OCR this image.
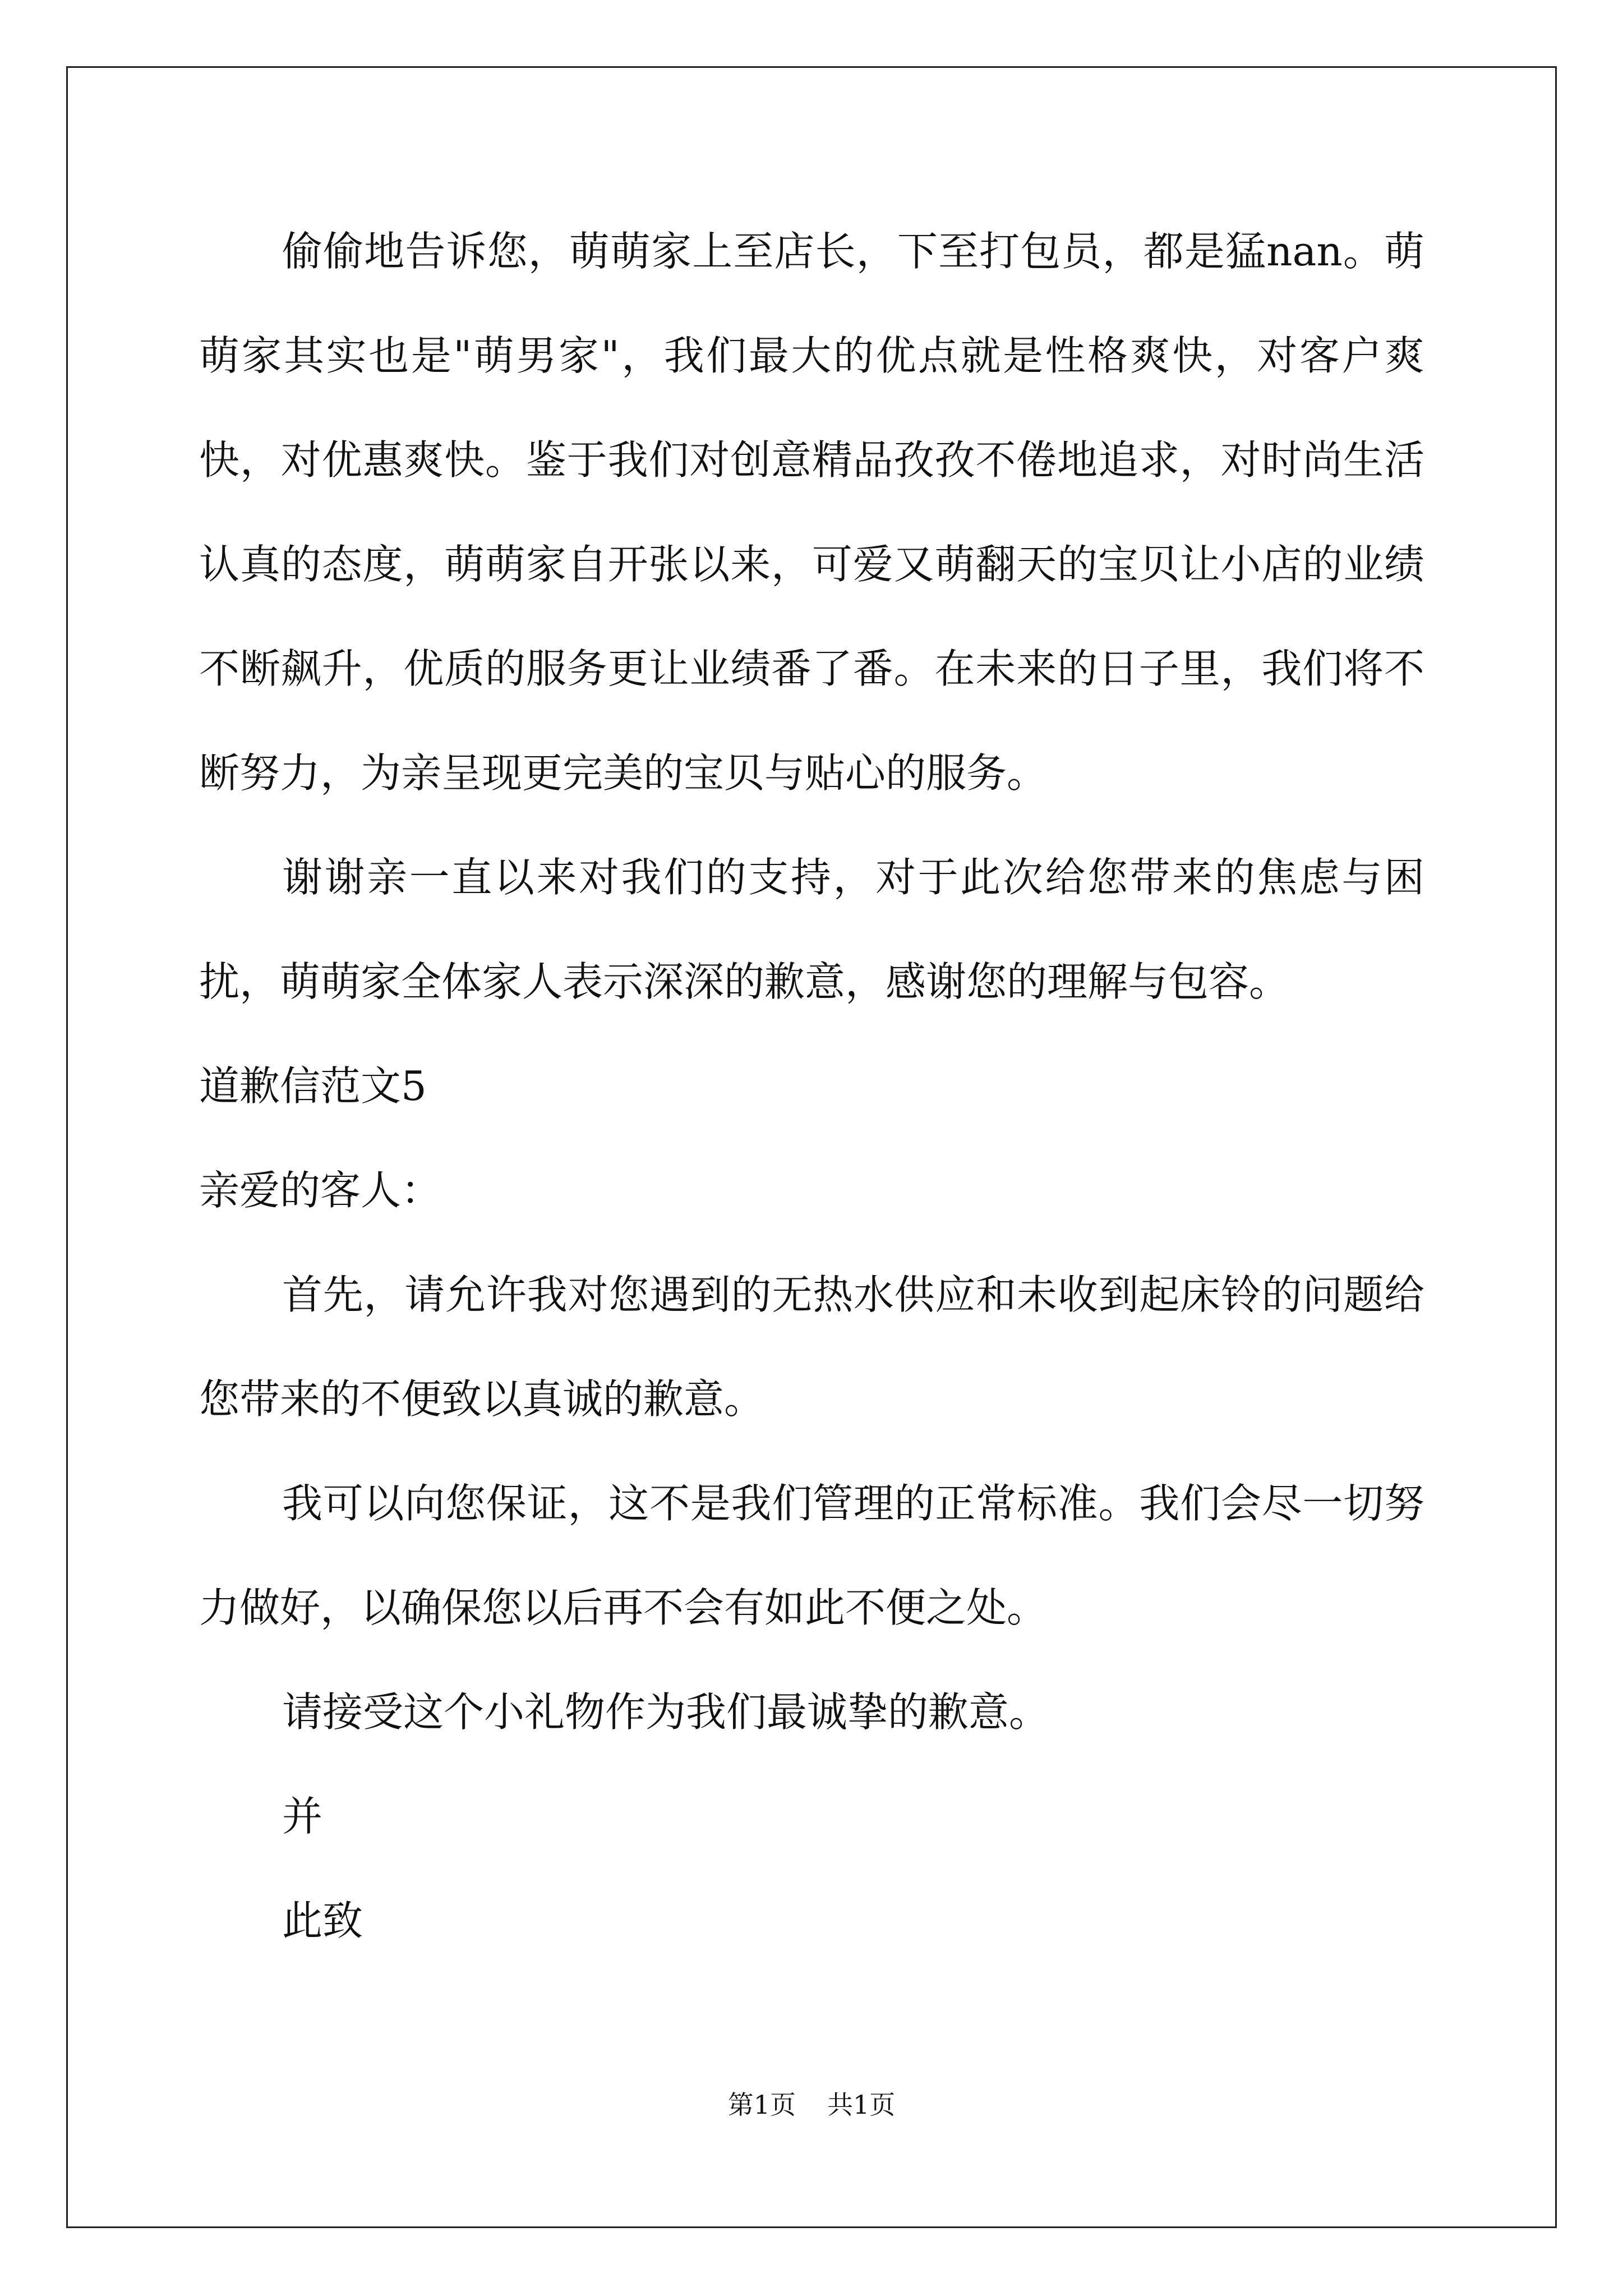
偷偷地告诉您，萌萌家上至店长，下至打包员，都是猛nan。萌萌家其实也是"萌男家"，我们最大的优点就是性格爽快，对客户爽快，对优惠爽快。鉴于我们对创意精品孜孜不倦地追求，对时尚生活认真的态度，萌萌家自开张以来，可爱又萌翻天的宝贝让小店的业绩不断飙升，优质的服务更让业绩番了番。在未来的日子里，我们将不断努力，为亲呈现更完美的宝贝与贴心的服务。

谢谢亲一直以来对我们的支持，对于此次给您带来的焦虑与困扰，萌萌家全体家人表示深深的歉意，感谢您的理解与包容。

道歉信范文5

亲爱的客人：

首先，请允许我对您遇到的无热水供应和未收到起床铃的问题给您带来的不便致以真诚的歉意。

我可以向您保证，这不是我们管理的正常标准。我们会尽一切努力做好，以确保您以后再不会有如此不便之处。

请接受这个小礼物作为我们最诚挚的歉意。

并

此致

第1页 共1页
